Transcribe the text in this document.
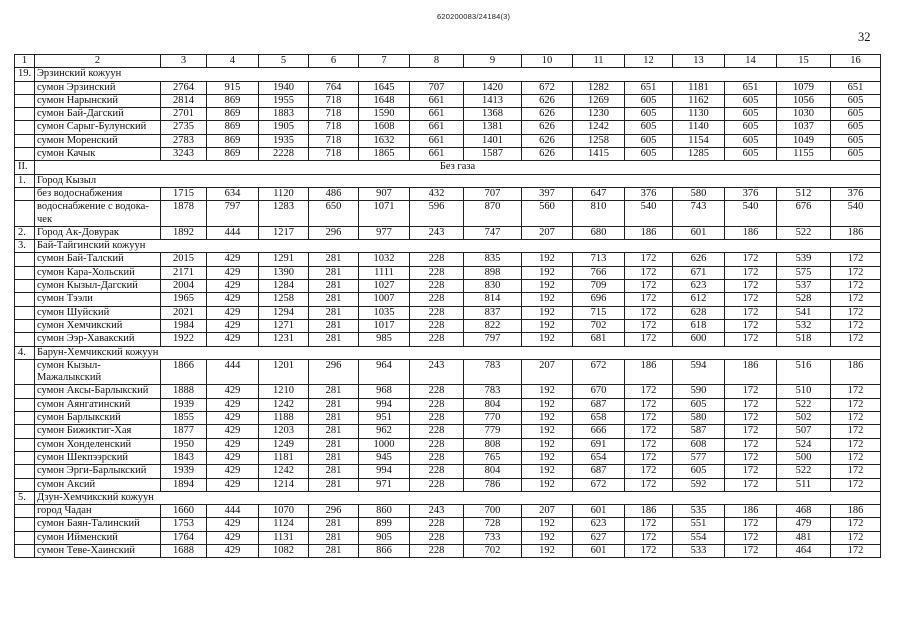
620200083/24184(3)
32
1	2	3	4	5	6	7	8	9	10	11	12	13	14	15	16
19.	Эрзинский кожуун														
	сумон Эрзинский	2764	915	1940	764	1645	707	1420	672	1282	651	1181	651	1079	651
	сумон Нарынский	2814	869	1955	718	1648	661	1413	626	1269	605	1162	605	1056	605
	сумон Бай-Дагский	2701	869	1883	718	1590	661	1368	626	1230	605	1130	605	1030	605
	сумон Сарыг-Булунский	2735	869	1905	718	1608	661	1381	626	1242	605	1140	605	1037	605
	сумон Моренский	2783	869	1935	718	1632	661	1401	626	1258	605	1154	605	1049	605
	сумон Качык	3243	869	2228	718	1865	661	1587	626	1415	605	1285	605	1155	605
II.	Без газа														
1.	Город Кызыл														
	без водоснабжения	1715	634	1120	486	907	432	707	397	647	376	580	376	512	376
	водоснабжение с водока-
чек	1878	797	1283	650	1071	596	870	560	810	540	743	540	676	540
2.	Город Ак-Довурак	1892	444	1217	296	977	243	747	207	680	186	601	186	522	186
3.	Бай-Тайгинский кожуун														
	сумон Бай-Талский	2015	429	1291	281	1032	228	835	192	713	172	626	172	539	172
	сумон Кара-Хольский	2171	429	1390	281	1111	228	898	192	766	172	671	172	575	172
	сумон Кызыл-Дагский	2004	429	1284	281	1027	228	830	192	709	172	623	172	537	172
	сумон Тээли	1965	429	1258	281	1007	228	814	192	696	172	612	172	528	172
	сумон Шуйский	2021	429	1294	281	1035	228	837	192	715	172	628	172	541	172
	сумон Хемчикский	1984	429	1271	281	1017	228	822	192	702	172	618	172	532	172
	сумон Ээр-Хавакский	1922	429	1231	281	985	228	797	192	681	172	600	172	518	172
4.	Барун-Хемчикский кожуун														
	сумон Кызыл-
Мажалыкский	1866	444	1201	296	964	243	783	207	672	186	594	186	516	186
	сумон Аксы-Барлыкский	1888	429	1210	281	968	228	783	192	670	172	590	172	510	172
	сумон Аянгатинский	1939	429	1242	281	994	228	804	192	687	172	605	172	522	172
	сумон Барлыкский	1855	429	1188	281	951	228	770	192	658	172	580	172	502	172
	сумон Бижиктиг-Хая	1877	429	1203	281	962	228	779	192	666	172	587	172	507	172
	сумон Хонделенский	1950	429	1249	281	1000	228	808	192	691	172	608	172	524	172
	сумон Шекпээрский	1843	429	1181	281	945	228	765	192	654	172	577	172	500	172
	сумон Эрги-Барлыкский	1939	429	1242	281	994	228	804	192	687	172	605	172	522	172
	сумон Аксий	1894	429	1214	281	971	228	786	192	672	172	592	172	511	172
5.	Дзун-Хемчикский кожуун														
	город Чадан	1660	444	1070	296	860	243	700	207	601	186	535	186	468	186
	сумон Баян-Талинский	1753	429	1124	281	899	228	728	192	623	172	551	172	479	172
	сумон Ийменский	1764	429	1131	281	905	228	733	192	627	172	554	172	481	172
	сумон Теве-Хаинский	1688	429	1082	281	866	228	702	192	601	172	533	172	464	172
